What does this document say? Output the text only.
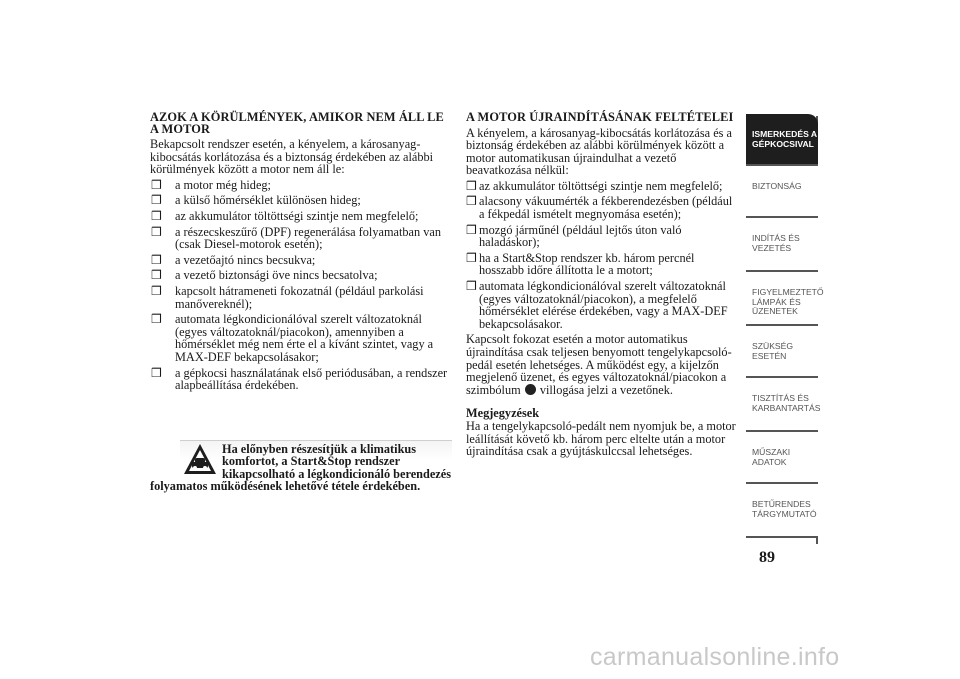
AZOK A KÖRÜLMÉNYEK, AMIKOR NEM ÁLL LE A MOTOR

Bekapcsolt rendszer esetén, a kényelem, a károsanyag-kibocsátás korlátozása és a biztonság érdekében az alábbi körülmények között a motor nem áll le:

❒ a motor még hideg;
❒ a külső hőmérséklet különösen hideg;
❒ az akkumulátor töltöttségi szintje nem megfelelő;
❒ a részecskeszűrő (DPF) regenerálása folyamatban van (csak Diesel-motorok esetén);
❒ a vezetőajtó nincs becsukva;
❒ a vezető biztonsági öve nincs becsatolva;
❒ kapcsolt hátrameneti fokozatnál (például parkolási manővereknél);
❒ automata légkondicionálóval szerelt változatoknál (egyes változatoknál/piacokon), amennyiben a hőmérséklet még nem érte el a kívánt szintet, vagy a MAX-DEF bekapcsolásakor;
❒ a gépkocsi használatának első periódusában, a rendszer alapbeállítása érdekében.
Ha előnyben részesítjük a klimatikus komfortot, a Start&Stop rendszer kikapcsolható a légkondicionáló berendezés
folyamatos működésének lehetővé tétele érdekében.
A MOTOR ÚJRAINDÍTÁSÁNAK FELTÉTELEI

A kényelem, a károsanyag-kibocsátás korlátozása és a biztonság érdekében az alábbi körülmények között a motor automatikusan újraindulhat a vezető beavatkozása nélkül:

❒ az akkumulátor töltöttségi szintje nem megfelelő;
❒ alacsony vákuumérték a fékberendezésben (például a fékpedál ismételt megnyomása esetén);
❒ mozgó járműnél (például lejtős úton való haladáskor);
❒ ha a Start&Stop rendszer kb. három percnél hosszabb időre állította le a motort;
❒ automata légkondicionálóval szerelt változatoknál (egyes változatoknál/piacokon), a megfelelő hőmérséklet elérése érdekében, vagy a MAX-DEF bekapcsolásakor.

Kapcsolt fokozat esetén a motor automatikus újraindítása csak teljesen benyomott tengelykapcsoló-pedál esetén lehetséges. A működést egy, a kijelzőn megjelenő üzenet, és egyes változatoknál/piacokon a szimbólum villogása jelzi a vezetőnek.

Megjegyzések

Ha a tengelykapcsoló-pedált nem nyomjuk be, a motor leállítását követő kb. három perc eltelte után a motor újraindítása csak a gyújtáskulccsal lehetséges.

ISMERKEDÉS A GÉPKOCSIVAL
BIZTONSÁG
INDÍTÁS ÉS VEZETÉS
FIGYELMEZTETŐ LÁMPÁK ÉS ÜZENETEK
SZÜKSÉG ESETÉN
TISZTÍTÁS ÉS KARBANTARTÁS
MŰSZAKI ADATOK
BETŰRENDES TÁRGYMUTATÓ
89
carmanualsonline.info
